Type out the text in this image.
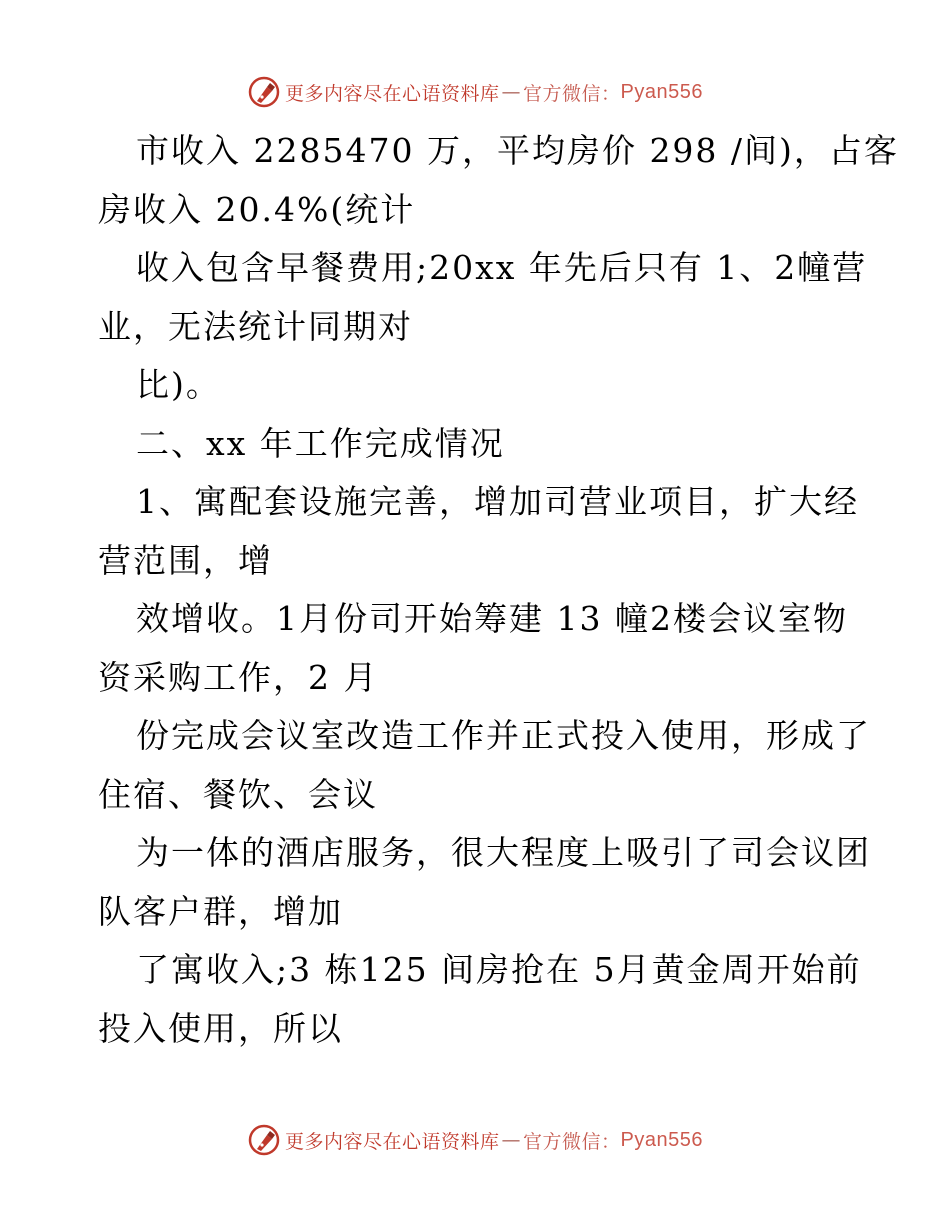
更多内容尽在心语资料库 — 官方微信： Pyan556
市收入 2285470 万，平均房价 298 /间)，占客
房收入 20.4%(统计
收入包含早餐费用;20xx 年先后只有 1、2幢营
业，无法统计同期对
比)。
二、xx 年工作完成情况
1、寓配套设施完善，增加司营业项目，扩大经
营范围，增
效增收。1月份司开始筹建 13 幢2楼会议室物
资采购工作，2 月
份完成会议室改造工作并正式投入使用，形成了
住宿、餐饮、会议
为一体的酒店服务，很大程度上吸引了司会议团
队客户群，增加
了寓收入;3 栋125 间房抢在 5月黄金周开始前
投入使用，所以
更多内容尽在心语资料库 — 官方微信： Pyan556
